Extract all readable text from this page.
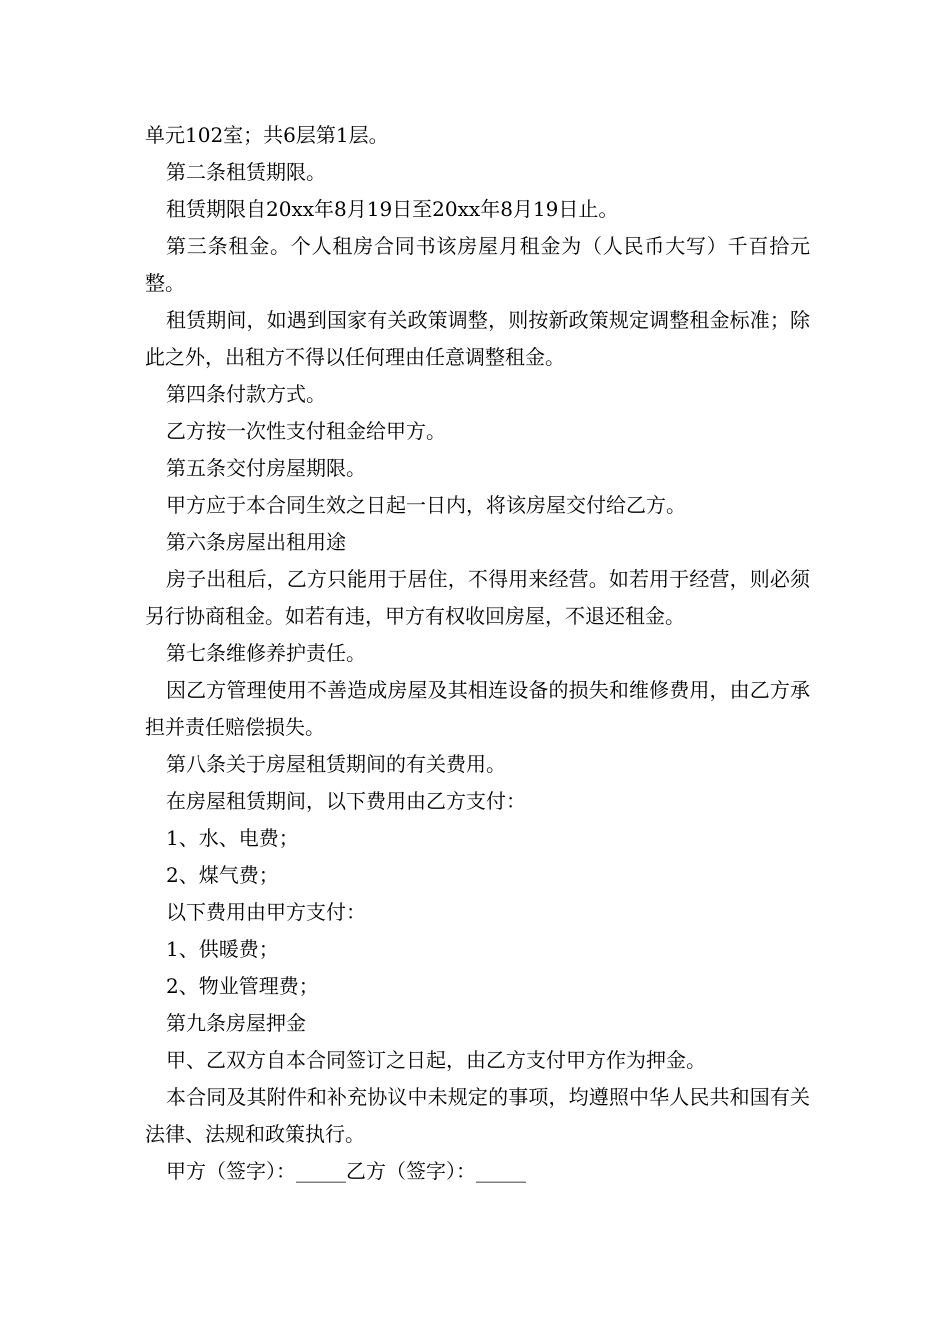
单元102室；共6层第1层。

第二条租赁期限。

租赁期限自20xx年8月19日至20xx年8月19日止。

第三条租金。个人租房合同书该房屋月租金为（人民币大写）千百拾元整。

租赁期间，如遇到国家有关政策调整，则按新政策规定调整租金标准；除此之外，出租方不得以任何理由任意调整租金。

第四条付款方式。

乙方按一次性支付租金给甲方。

第五条交付房屋期限。

甲方应于本合同生效之日起一日内，将该房屋交付给乙方。

第六条房屋出租用途

房子出租后，乙方只能用于居住，不得用来经营。如若用于经营，则必须另行协商租金。如若有违，甲方有权收回房屋，不退还租金。

第七条维修养护责任。

因乙方管理使用不善造成房屋及其相连设备的损失和维修费用，由乙方承担并责任赔偿损失。

第八条关于房屋租赁期间的有关费用。

在房屋租赁期间，以下费用由乙方支付：

1、水、电费；

2、煤气费；

以下费用由甲方支付：

1、供暖费；

2、物业管理费；

第九条房屋押金

甲、乙双方自本合同签订之日起，由乙方支付甲方作为押金。

本合同及其附件和补充协议中未规定的事项，均遵照中华人民共和国有关法律、法规和政策执行。

甲方（签字）：_____乙方（签字）：_____
